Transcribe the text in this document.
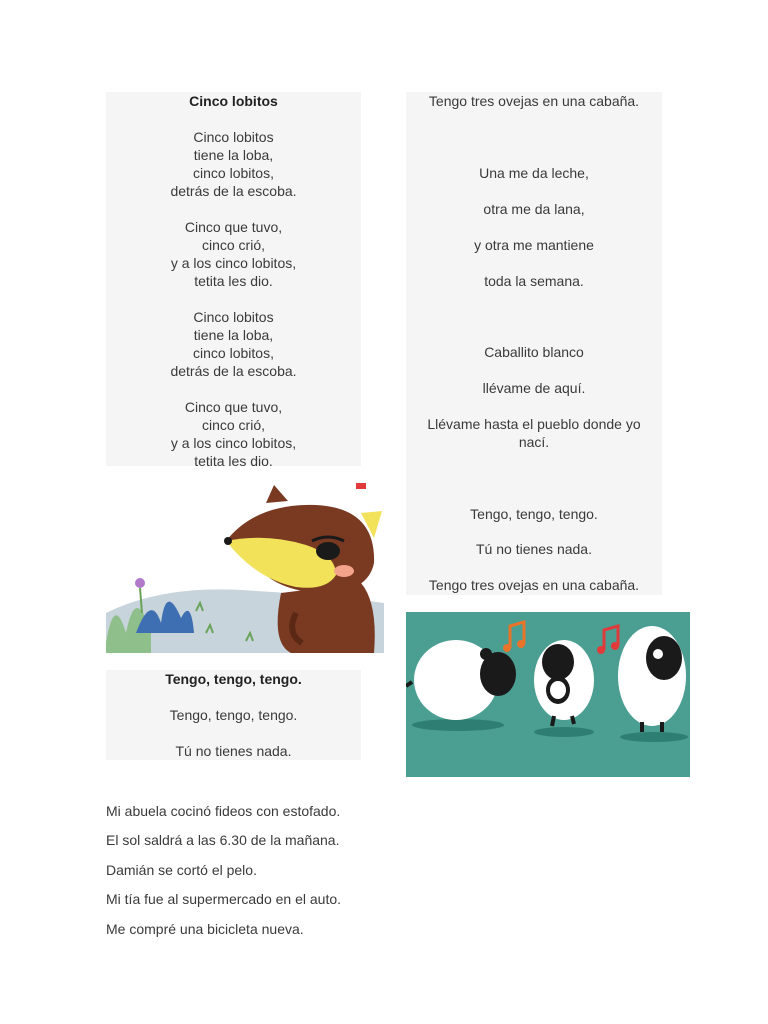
Cinco lobitos

Cinco lobitos

tiene la loba,

cinco lobitos,

detrás de la escoba.

Cinco que tuvo,

cinco crió,

y a los cinco lobitos,

tetita les dio.

Cinco lobitos

tiene la loba,

cinco lobitos,

detrás de la escoba.

Cinco que tuvo,

cinco crió,

y a los cinco lobitos,

tetita les dio.

Tengo tres ovejas en una cabaña.

Una me da leche,

otra me da lana,

y otra me mantiene

toda la semana.

Caballito blanco

llévame de aquí.

Llévame hasta el pueblo donde yo

nací.

Tengo, tengo, tengo.

Tú no tienes nada.

Tengo tres ovejas en una cabaña.

Tengo, tengo, tengo.

Tengo, tengo, tengo.

Tú no tienes nada.

Mi abuela cocinó fideos con estofado.

El sol saldrá a las 6.30 de la mañana.

Damián se cortó el pelo.

Mi tía fue al supermercado en el auto.

Me compré una bicicleta nueva.
